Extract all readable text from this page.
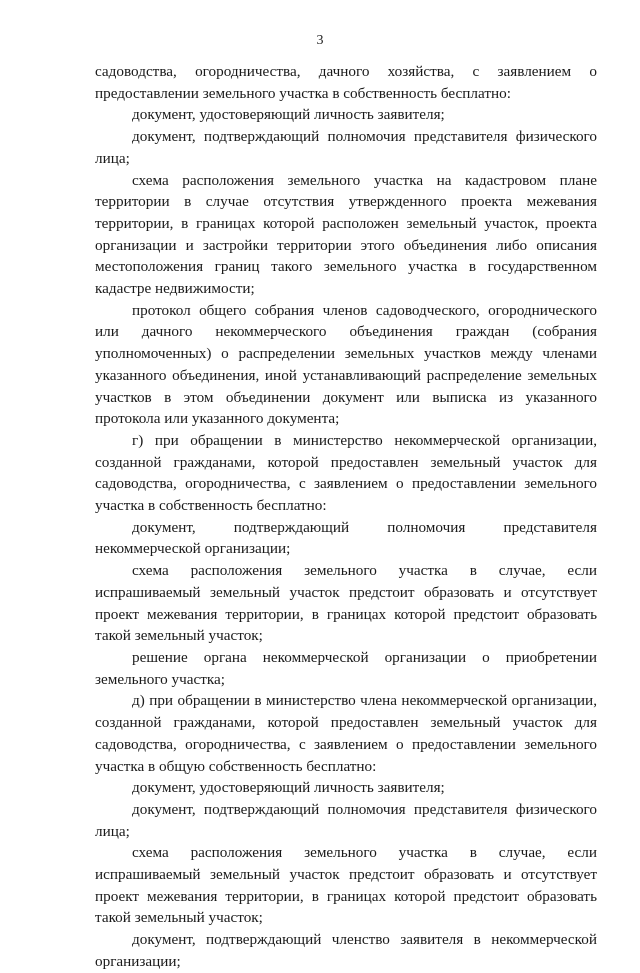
3

садоводства, огородничества, дачного хозяйства, с заявлением о предоставлении земельного участка в собственность бесплатно:

документ, удостоверяющий личность заявителя;

документ, подтверждающий полномочия представителя физического лица;

схема расположения земельного участка на кадастровом плане территории в случае отсутствия утвержденного проекта межевания территории, в границах которой расположен земельный участок, проекта организации и застройки территории этого объединения либо описания местоположения границ такого земельного участка в государственном кадастре недвижимости;

протокол общего собрания членов садоводческого, огороднического или дачного некоммерческого объединения граждан (собрания уполномоченных) о распределении земельных участков между членами указанного объединения, иной устанавливающий распределение земельных участков в этом объединении документ или выписка из указанного протокола или указанного документа;

г) при обращении в министерство некоммерческой организации, созданной гражданами, которой предоставлен земельный участок для садоводства, огородничества, с заявлением о предоставлении земельного участка в собственность бесплатно:

документ, подтверждающий полномочия представителя некоммерческой организации;

схема расположения земельного участка в случае, если испрашиваемый земельный участок предстоит образовать и отсутствует проект межевания территории, в границах которой предстоит образовать такой земельный участок;

решение органа некоммерческой организации о приобретении земельного участка;

д) при обращении в министерство члена некоммерческой организации, созданной гражданами, которой предоставлен земельный участок для садоводства, огородничества, с заявлением о предоставлении земельного участка в общую собственность бесплатно:

документ, удостоверяющий личность заявителя;

документ, подтверждающий полномочия представителя физического лица;

схема расположения земельного участка в случае, если испрашиваемый земельный участок предстоит образовать и отсутствует проект межевания территории, в границах которой предстоит образовать такой земельный участок;

документ, подтверждающий членство заявителя в некоммерческой организации;
